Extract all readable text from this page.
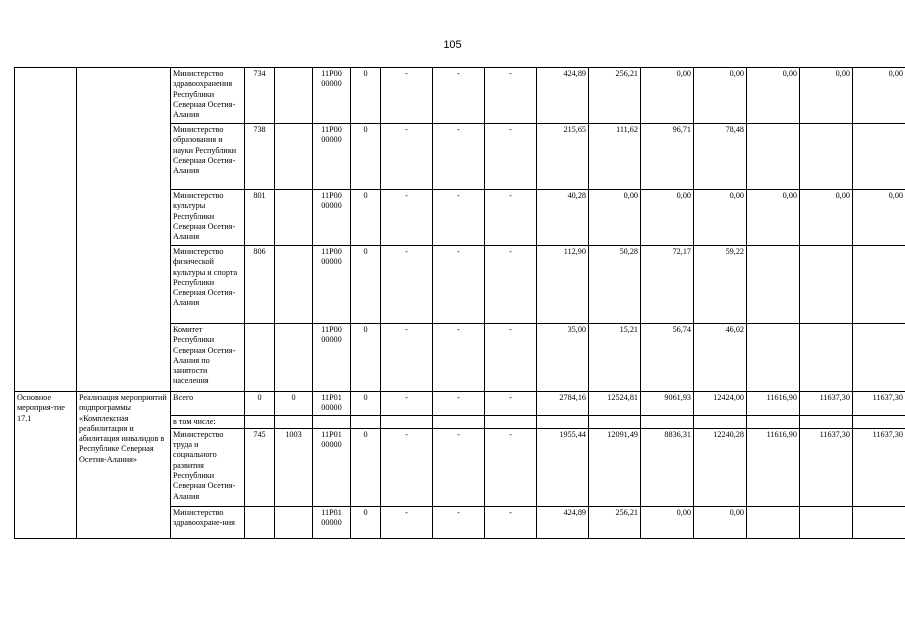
105
		Министерство здравоохранения Республики Северная Осетия-Алания	734		11Р00 00000	0	-	-	-	424,89	256,21	0,00	0,00	0,00	0,00	0,00
		Министерство образования и науки Республики Северная Осетия-Алания	738		11Р00 00000	0	-	-	-	215,65	111,62	96,71	78,48			
		Министерство культуры Республики Северная Осетия-Алания	801		11Р00 00000	0	-	-	-	40,28	0,00	0,00	0,00	0,00	0,00	0,00
		Министерство физической культуры и спорта Республики Северная Осетия-Алания	806		11Р00 00000	0	-	-	-	112,90	50,28	72,17	59,22			
		Комитет Республики Северная Осетия-Алания по занятости населения			11Р00 00000	0	-	-	-	35,00	15,21	56,74	46,02			
Основное мероприя-тие 17.1	Реализация мероприятий подпрограммы «Комплексная реабилитация и абилитация инвалидов в Республике Северная Осетия-Алания»	Всего	0	0	11Р01 00000	0	-	-	-	2784,16	12524,81	9061,93	12424,00	11616,90	11637,30	11637,30
		в том числе:														
		Министерство труда и социального развития Республики Северная Осетия-Алания	745	1003	11Р01 00000	0	-	-	-	1955,44	12091,49	8836,31	12240,28	11616,90	11637,30	11637,30
		Министерство здравоохране-ния			11Р01 00000	0	-	-	-	424,89	256,21	0,00	0,00			
